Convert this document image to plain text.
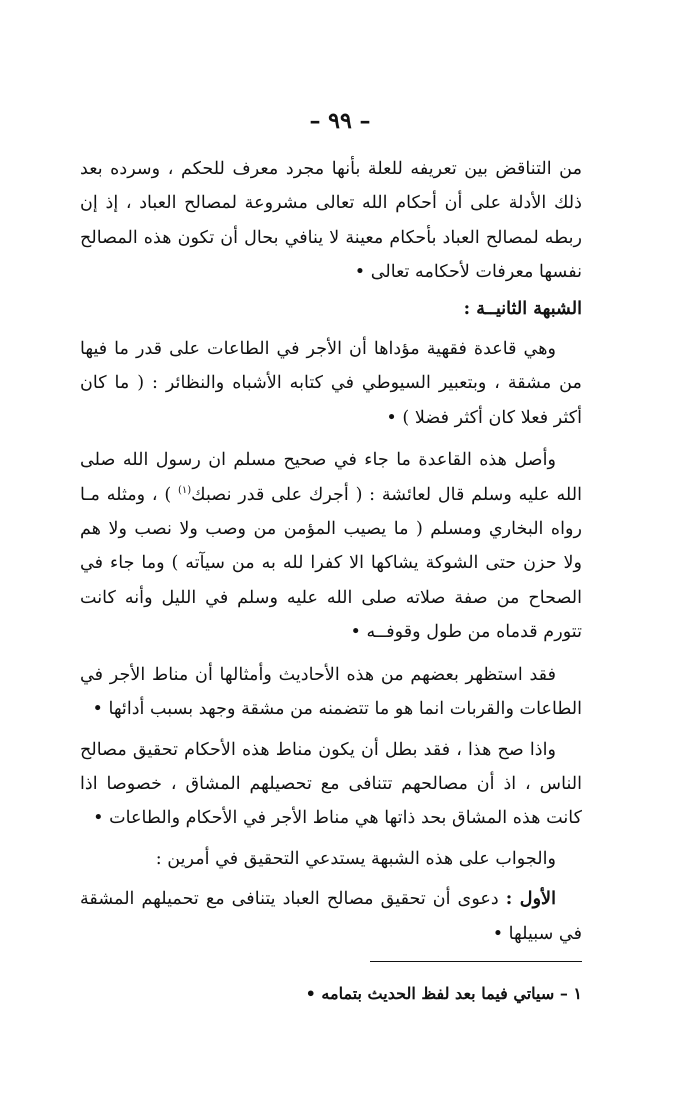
– ٩٩ –

من التناقض بين تعريفه للعلة بأنها مجرد معرف للحكم ، وسرده بعد ذلك الأدلة على أن أحكام الله تعالى مشروعة لمصالح العباد ، إذ إن ربطه لمصالح العباد بأحكام معينة لا ينافي بحال أن تكون هذه المصالح نفسها معرفات لأحكامه تعالى •

الشبهة الثانيــة :

وهي قاعدة فقهية مؤداها أن الأجر في الطاعات على قدر ما فيها من مشقة ، وبتعبير السيوطي في كتابه الأشباه والنظائر : ( ما كان أكثر فعلا كان أكثر فضلا ) •

وأصل هذه القاعدة ما جاء في صحيح مسلم ان رسول الله صلى الله عليه وسلم قال لعائشة : ( أجرك على قدر نصبك$^{(١)}$ ) ، ومثله مـا رواه البخاري ومسلم ( ما يصيب المؤمن من وصب ولا نصب ولا هم ولا حزن حتى الشوكة يشاكها الا كفرا لله به من سيآته ) وما جاء في الصحاح من صفة صلاته صلى الله عليه وسلم في الليل وأنه كانت تتورم قدماه من طول وقوفــه •

فقد استظهر بعضهم من هذه الأحاديث وأمثالها أن مناط الأجر في الطاعات والقربات انما هو ما تتضمنه من مشقة وجهد بسبب أدائها •

واذا صح هذا ، فقد بطل أن يكون مناط هذه الأحكام تحقيق مصالح الناس ، اذ أن مصالحهم تتنافى مع تحصيلهم المشاق ، خصوصا اذا كانت هذه المشاق بحد ذاتها هي مناط الأجر في الأحكام والطاعات •

والجواب على هذه الشبهة يستدعي التحقيق في أمرين :

الأول : دعوى أن تحقيق مصالح العباد يتنافى مع تحميلهم المشقة في سبيلها •

١ – سياتي فيما بعد لفظ الحديث بتمامه •
